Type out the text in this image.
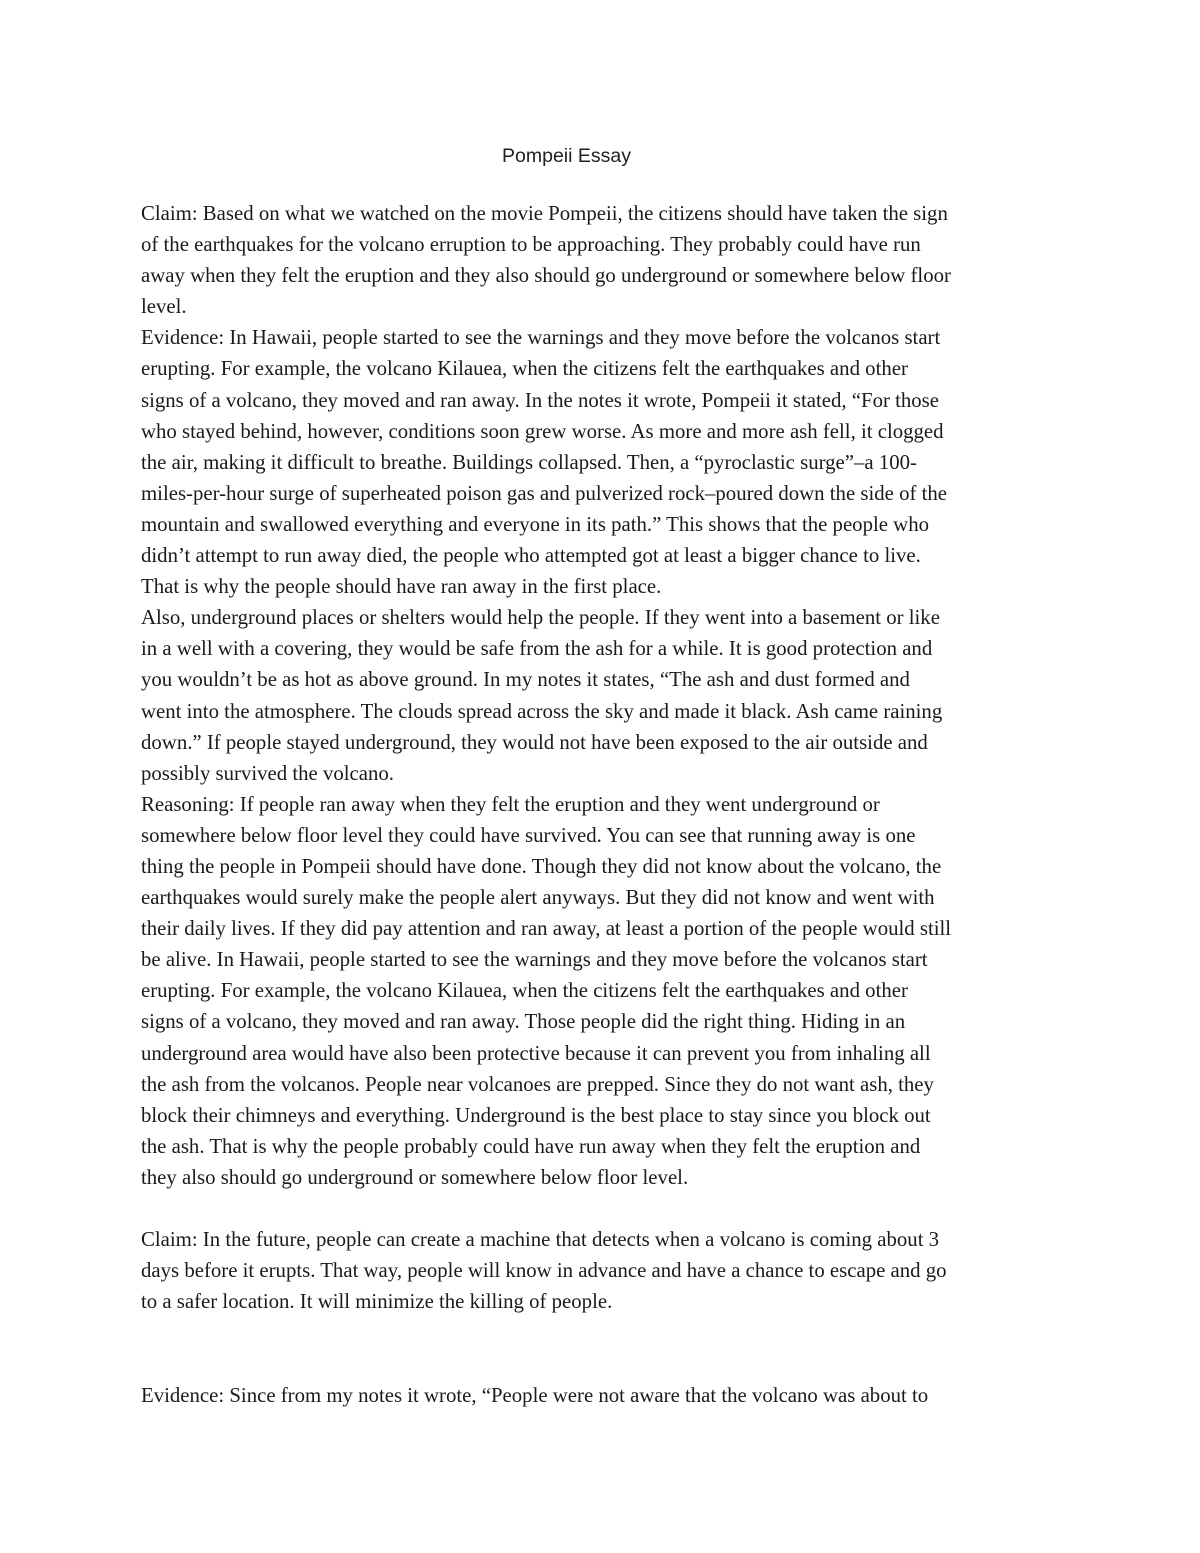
Pompeii Essay
Claim: Based on what we watched on the movie Pompeii, the citizens should have taken the sign
of the earthquakes for the volcano erruption to be approaching. They probably could have run
away when they felt the eruption and they also should go underground or somewhere below floor
level.
Evidence: In Hawaii, people started to see the warnings and they move before the volcanos start
erupting. For example, the volcano Kilauea, when the citizens felt the earthquakes and other
signs of a volcano, they moved and ran away. In the notes it wrote, Pompeii it stated, “For those
who stayed behind, however, conditions soon grew worse. As more and more ash fell, it clogged
the air, making it difficult to breathe. Buildings collapsed. Then, a “pyroclastic surge”–a 100-
miles-per-hour surge of superheated poison gas and pulverized rock–poured down the side of the
mountain and swallowed everything and everyone in its path.” This shows that the people who
didn’t attempt to run away died, the people who attempted got at least a bigger chance to live.
That is why the people should have ran away in the first place.
Also, underground places or shelters would help the people. If they went into a basement or like
in a well with a covering, they would be safe from the ash for a while. It is good protection and
you wouldn’t be as hot as above ground. In my notes it states, “The ash and dust formed and
went into the atmosphere. The clouds spread across the sky and made it black. Ash came raining
down.” If people stayed underground, they would not have been exposed to the air outside and
possibly survived the volcano.
Reasoning: If people ran away when they felt the eruption and they went underground or
somewhere below floor level they could have survived. You can see that running away is one
thing the people in Pompeii should have done. Though they did not know about the volcano, the
earthquakes would surely make the people alert anyways. But they did not know and went with
their daily lives. If they did pay attention and ran away, at least a portion of the people would still
be alive. In Hawaii, people started to see the warnings and they move before the volcanos start
erupting. For example, the volcano Kilauea, when the citizens felt the earthquakes and other
signs of a volcano, they moved and ran away. Those people did the right thing. Hiding in an
underground area would have also been protective because it can prevent you from inhaling all
the ash from the volcanos. People near volcanoes are prepped. Since they do not want ash, they
block their chimneys and everything. Underground is the best place to stay since you block out
the ash. That is why the people probably could have run away when they felt the eruption and
they also should go underground or somewhere below floor level.
Claim: In the future, people can create a machine that detects when a volcano is coming about 3
days before it erupts. That way, people will know in advance and have a chance to escape and go
to a safer location. It will minimize the killing of people.
Evidence: Since from my notes it wrote, “People were not aware that the volcano was about to
